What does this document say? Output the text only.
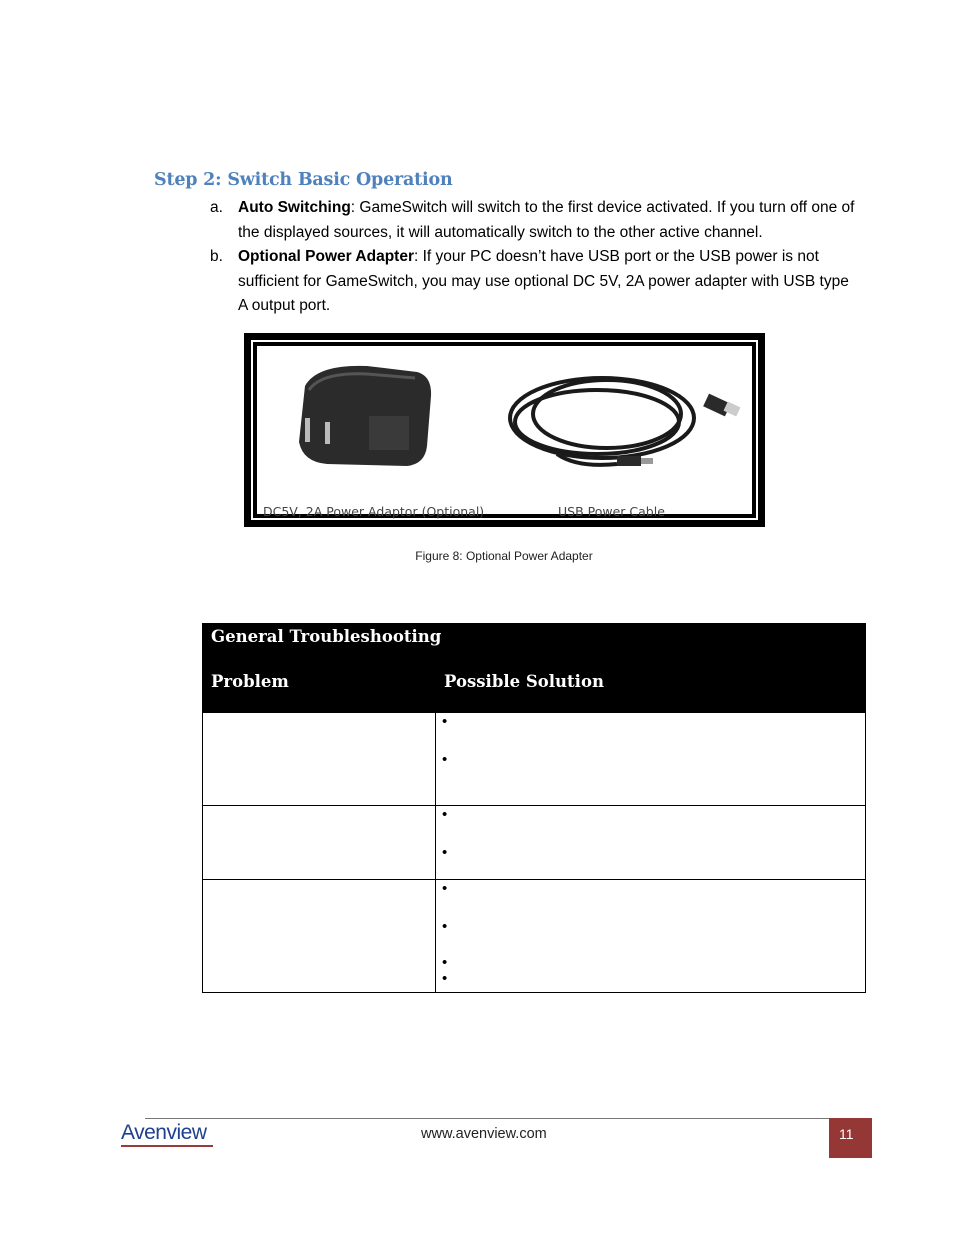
Step 2: Switch Basic Operation
a. Auto Switching: GameSwitch will switch to the first device activated. If you turn off one of the displayed sources, it will automatically switch to the other active channel.
b. Optional Power Adapter: If your PC doesn’t have USB port or the USB power is not sufficient for GameSwitch, you may use optional DC 5V, 2A power adapter with USB type A output port.
DC5V, 2A Power Adaptor (Optional)	USB Power Cable
Figure 8: Optional Power Adapter
General Troubleshooting
Problem Possible Solution	

•
•

•
•

•
•
•
•
Avenview	www.avenview.com	11
